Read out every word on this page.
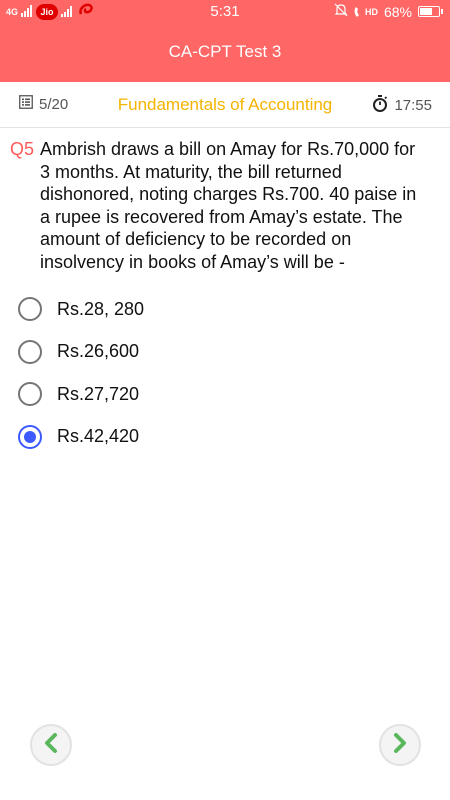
4G	Jio	5:31	HD 68%
CA-CPT Test 3
5/20	Fundamentals of Accounting	17:55
Q5 Ambrish draws a bill on Amay for Rs.70,000 for 3 months. At maturity, the bill returned dishonored, noting charges Rs.700. 40 paise in a rupee is recovered from Amay’s estate. The amount of deficiency to be recorded on insolvency in books of Amay’s will be -
Rs.28, 280
Rs.26,600
Rs.27,720
Rs.42,420
